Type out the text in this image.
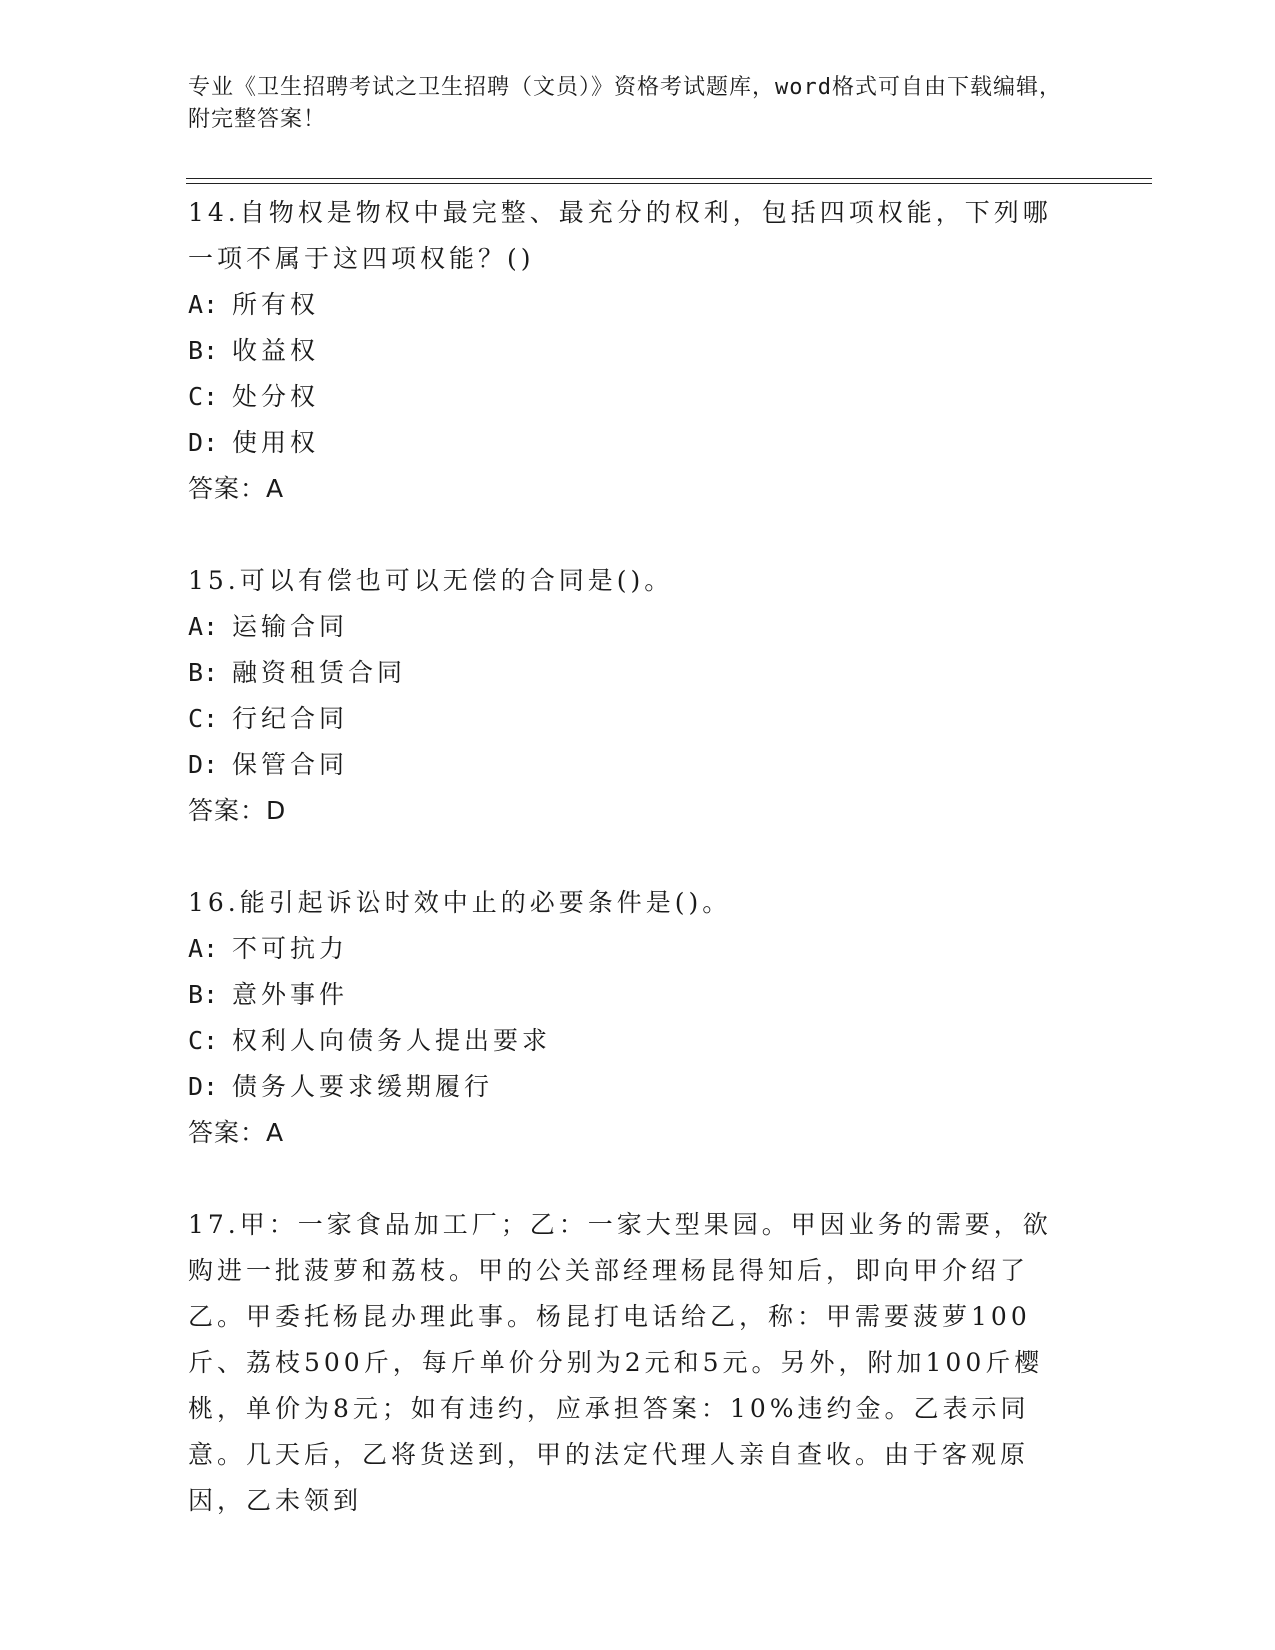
专业《卫生招聘考试之卫生招聘（文员）》资格考试题库，word格式可自由下载编辑，附完整答案！

14.自物权是物权中最完整、最充分的权利，包括四项权能，下列哪一项不属于这四项权能？()

A: 所有权

B: 收益权

C: 处分权

D: 使用权

答案：A

15.可以有偿也可以无偿的合同是()。

A: 运输合同

B: 融资租赁合同

C: 行纪合同

D: 保管合同

答案：D

16.能引起诉讼时效中止的必要条件是()。

A: 不可抗力

B: 意外事件

C: 权利人向债务人提出要求

D: 债务人要求缓期履行

答案：A

17.甲：一家食品加工厂；乙：一家大型果园。甲因业务的需要，欲购进一批菠萝和荔枝。甲的公关部经理杨昆得知后，即向甲介绍了乙。甲委托杨昆办理此事。杨昆打电话给乙，称：甲需要菠萝100斤、荔枝500斤，每斤单价分别为2元和5元。另外，附加100斤樱桃，单价为8元；如有违约，应承担答案：10%违约金。乙表示同意。几天后，乙将货送到，甲的法定代理人亲自查收。由于客观原因，乙未领到
